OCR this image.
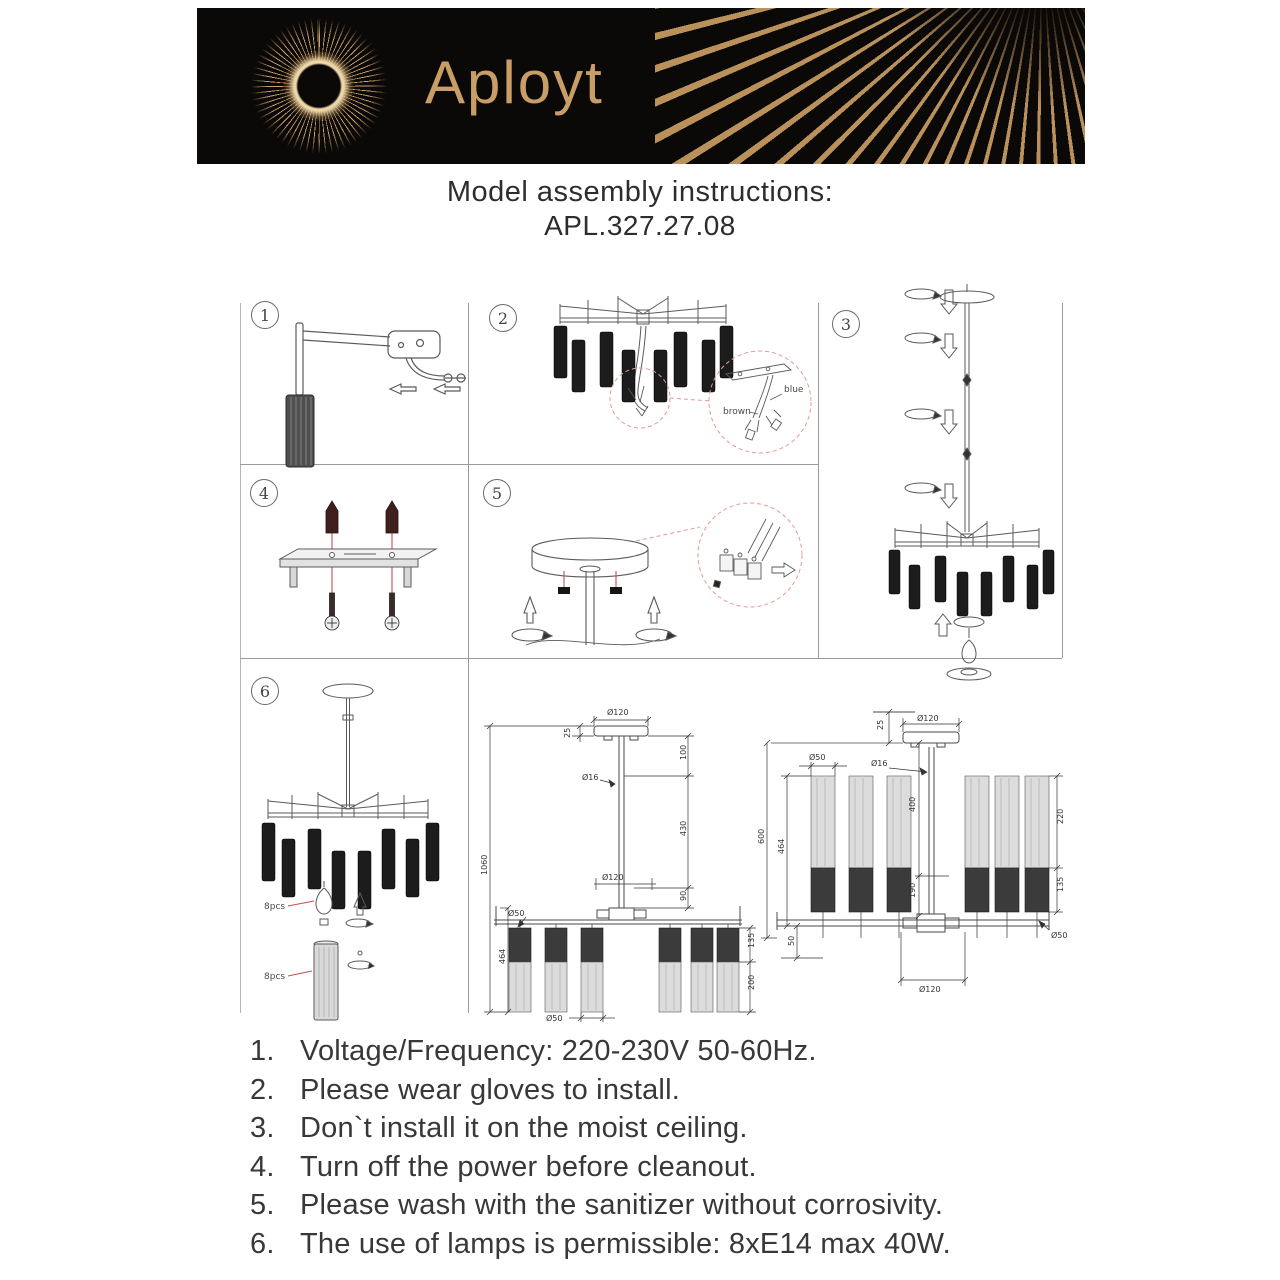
Aployt
Model assembly instructions:
APL.327.27.08
1	2	3
4	5
6
blue
brown
8pcs
8pcs
Ø120
25
100
Ø16
430
Ø120
90
1060
464
Ø50
135
200
Ø50
25
Ø120
Ø50
Ø16
400
190
600
464
220
135
Ø50
50
Ø120
1. Voltage/Frequency: 220-230V 50-60Hz.
2. Please wear gloves to install.
3. Don`t install it on the moist ceiling.
4. Turn off the power before cleanout.
5. Please wash with the sanitizer without corrosivity.
6. The use of lamps is permissible: 8xE14 max 40W.
